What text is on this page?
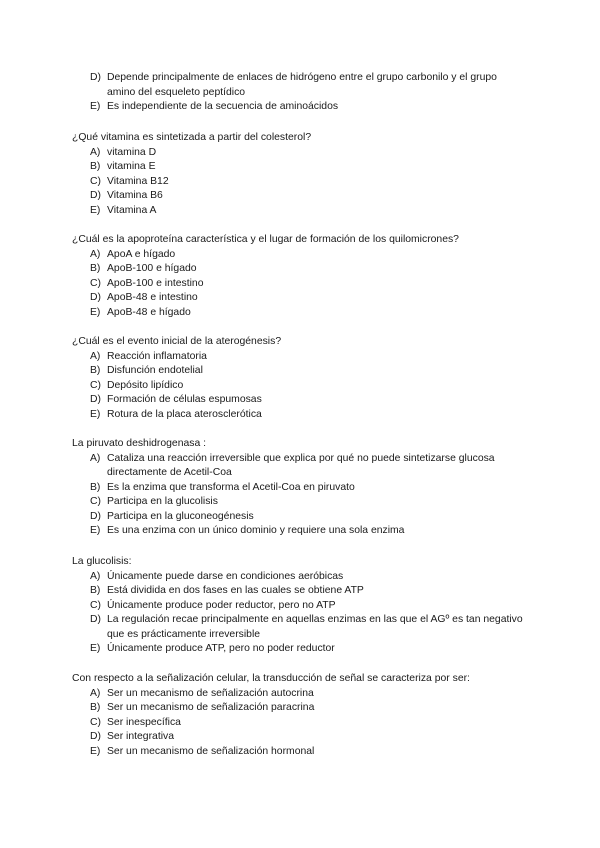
D) Depende principalmente de enlaces de hidrógeno entre el grupo carbonilo y el grupo amino del esqueleto peptídico
E) Es independiente de la secuencia de aminoácidos
¿Qué vitamina es sintetizada a partir del colesterol?
A) vitamina D
B) vitamina E
C) Vitamina B12
D) Vitamina B6
E) Vitamina A
¿Cuál es la apoproteína característica y el lugar de formación de los quilomicrones?
A) ApoA e hígado
B) ApoB-100 e hígado
C) ApoB-100 e intestino
D) ApoB-48 e intestino
E) ApoB-48 e hígado
¿Cuál es el evento inicial de la aterogénesis?
A) Reacción inflamatoria
B) Disfunción endotelial
C) Depósito lipídico
D) Formación de células espumosas
E) Rotura de la placa aterosclerótica
La piruvato deshidrogenasa :
A) Cataliza una reacción irreversible que explica por qué no puede sintetizarse glucosa directamente de Acetil-Coa
B) Es la enzima que transforma el Acetil-Coa en piruvato
C) Participa en la glucolisis
D) Participa en la gluconeogénesis
E) Es una enzima con un único dominio y requiere una sola enzima
La glucolisis:
A) Únicamente puede darse en condiciones aeróbicas
B) Está dividida en dos fases en las cuales se obtiene ATP
C) Únicamente produce poder reductor, pero no ATP
D) La regulación recae principalmente en aquellas enzimas en las que el AGº es tan negativo que es prácticamente irreversible
E) Únicamente produce ATP, pero no poder reductor
Con respecto a la señalización celular, la transducción de señal se caracteriza por ser:
A) Ser un mecanismo de señalización autocrina
B) Ser un mecanismo de señalización paracrina
C) Ser inespecífica
D) Ser integrativa
E) Ser un mecanismo de señalización hormonal
